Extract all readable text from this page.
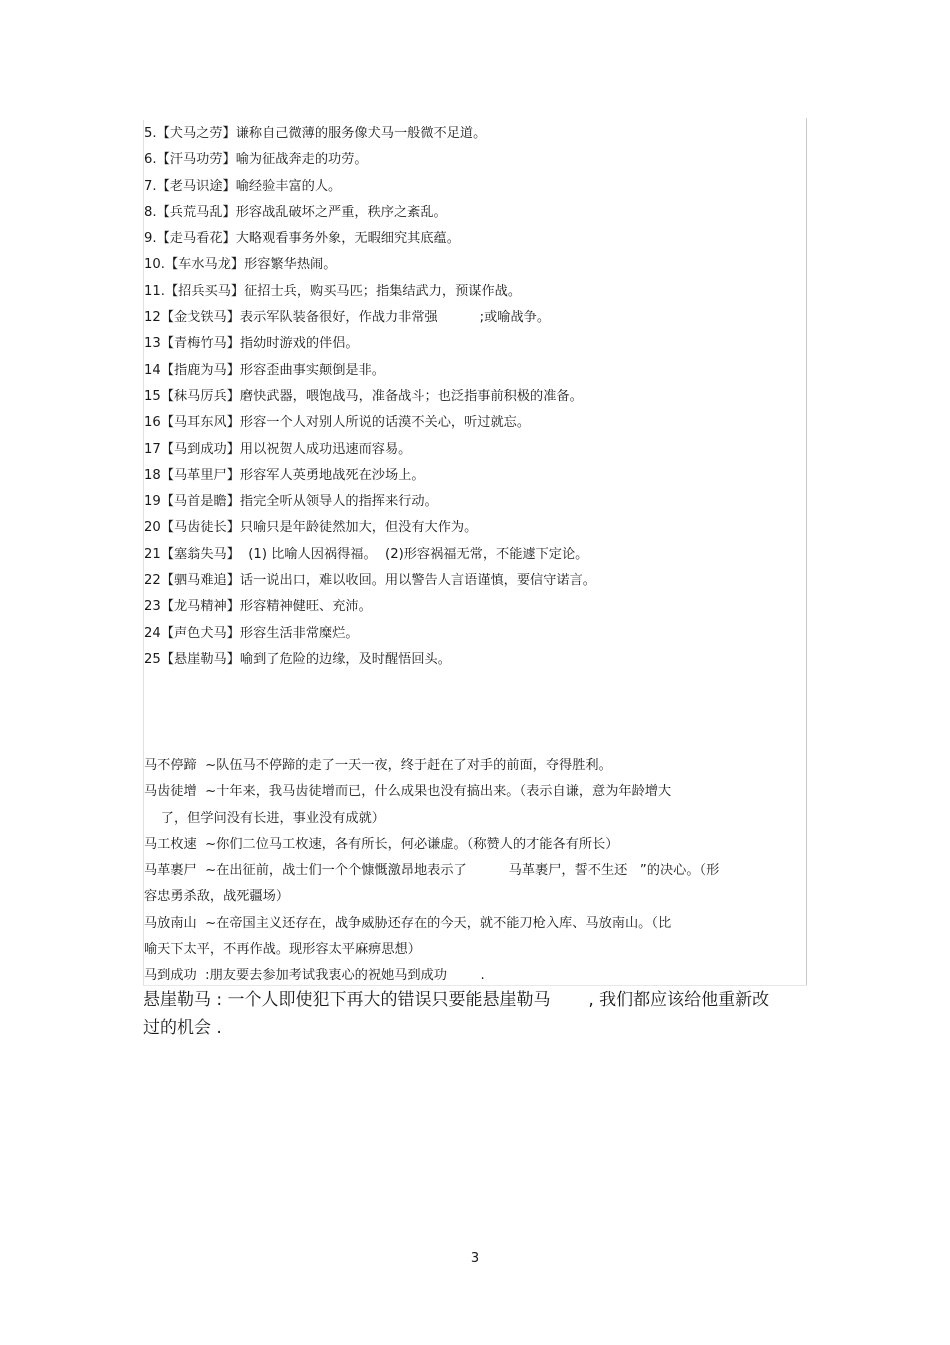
5.【犬马之劳】谦称自己微薄的服务像犬马一般微不足道。
6.【汗马功劳】喻为征战奔走的功劳。
7.【老马识途】喻经验丰富的人。
8.【兵荒马乱】形容战乱破坏之严重，秩序之紊乱。
9.【走马看花】大略观看事务外象，无暇细究其底蕴。
10.【车水马龙】形容繁华热闹。
11.【招兵买马】征招士兵，购买马匹；指集结武力，预谋作战。
12【金戈铁马】表示军队装备很好，作战力非常强          ;或喻战争。
13【青梅竹马】指幼时游戏的伴侣。
14【指鹿为马】形容歪曲事实颠倒是非。
15【秣马厉兵】磨快武器，喂饱战马，准备战斗；也泛指事前积极的准备。
16【马耳东风】形容一个人对别人所说的话漠不关心，听过就忘。
17【马到成功】用以祝贺人成功迅速而容易。
18【马革里尸】形容军人英勇地战死在沙场上。
19【马首是瞻】指完全听从领导人的指挥来行动。
20【马齿徒长】只喻只是年龄徒然加大，但没有大作为。
21【塞翁失马】  (1) 比喻人因祸得福。  (2)形容祸福无常，不能遽下定论。
22【驷马难追】话一说出口，难以收回。用以警告人言语谨慎，要信守诺言。
23【龙马精神】形容精神健旺、充沛。
24【声色犬马】形容生活非常糜烂。
25【悬崖勒马】喻到了危险的边缘，及时醒悟回头。
马不停蹄  ~队伍马不停蹄的走了一天一夜，终于赶在了对手的前面，夺得胜利。
马齿徒增  ~十年来，我马齿徒增而已，什么成果也没有搞出来。（表示自谦，意为年龄增大
了，但学问没有长进，事业没有成就）
马工枚速  ~你们二位马工枚速，各有所长，何必谦虚。（称赞人的才能各有所长）
马革裹尸  ~在出征前，战士们一个个慷慨激昂地表示了          马革裹尸，誓不生还   ”的决心。（形
容忠勇杀敌，战死疆场）
马放南山  ~在帝国主义还存在，战争威胁还存在的今天，就不能刀枪入库、马放南山。（比
喻天下太平，不再作战。现形容太平麻痹思想）
马到成功  :朋友要去参加考试我衷心的祝她马到成功        .

悬崖勒马 : 一个人即使犯下再大的错误只要能悬崖勒马       , 我们都应该给他重新改

过的机会 .

3
